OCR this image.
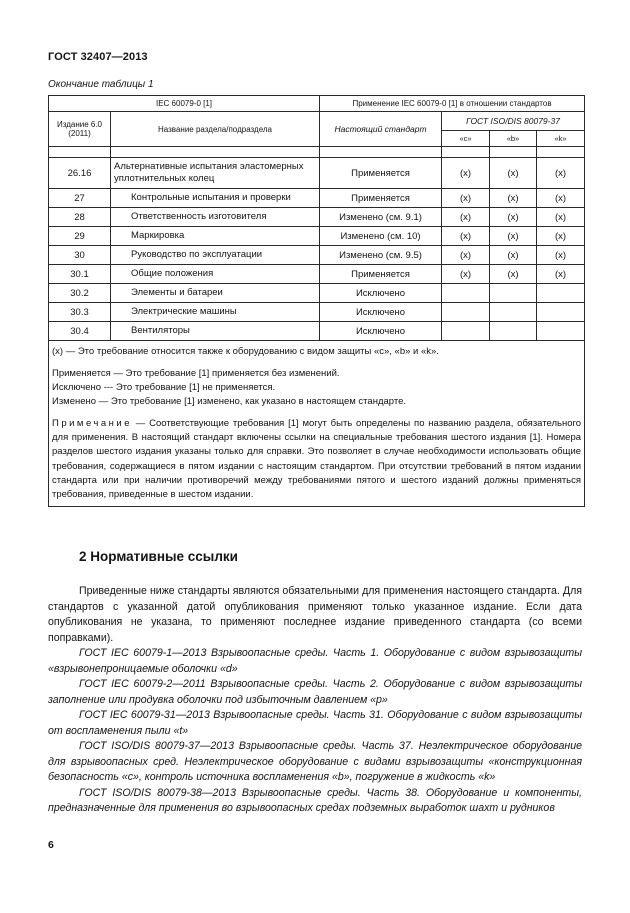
ГОСТ 32407—2013
Окончание таблицы 1
IEC 60079-0 [1]		Применение IEC 60079-0 [1] в отношении стандартов			
Издание 6.0 (2011)	Название раздела/подраздела	Настоящий стандарт	ГОСТ ISO/DIS 80079-37		
			«c»	«b»	«k»

26.16	Альтернативные испытания эластомерных уплотнительных колец	Применяется	(x)	(x)	(x)
27	Контрольные испытания и проверки	Применяется	(x)	(x)	(x)
28	Ответственность изготовителя	Изменено (см. 9.1)	(x)	(x)	(x)
29	Маркировка	Изменено (см. 10)	(x)	(x)	(x)
30	Руководство по эксплуатации	Изменено (см. 9.5)	(x)	(x)	(x)
30.1	Общие положения	Применяется	(x)	(x)	(x)
30.2	Элементы и батареи	Исключено			
30.3	Электрические машины	Исключено			
30.4	Вентиляторы	Исключено			

(x) — Это требование относится также к оборудованию с видом защиты «c», «b» и «k».

Применяется — Это требование [1] применяется без изменений.

Исключено --- Это требование [1] не применяется.

Изменено — Это требование [1] изменено, как указано в настоящем стандарте.

Примечание — Соответствующие требования [1] могут быть определены по названию раздела, обязательного для применения. В настоящий стандарт включены ссылки на специальные требования шестого издания [1]. Номера разделов шестого издания указаны только для справки. Это позволяет в случае необходимости использовать общие требования, содержащиеся в пятом издании с настоящим стандартом. При отсутствии требований в пятом издании стандарта или при наличии противоречий между требованиями пятого и шестого изданий должны применяться требования, приведенные в шестом издании.					

2 Нормативные ссылки

Приведенные ниже стандарты являются обязательными для применения настоящего стандарта. Для стандартов с указанной датой опубликования применяют только указанное издание. Если дата опубликования не указана, то применяют последнее издание приведенного стандарта (со всеми поправками).

ГОСТ IEC 60079-1—2013 Взрывоопасные среды. Часть 1. Оборудование с видом взрывозащиты «взрывонепроницаемые оболочки «d»

ГОСТ IEC 60079-2—2011 Взрывоопасные среды. Часть 2. Оборудование с видом взрывозащиты заполнение или продувка оболочки под избыточным давлением «p»

ГОСТ IEC 60079-31—2013 Взрывоопасные среды. Часть 31. Оборудование с видом взрывозащиты от воспламенения пыли «t»

ГОСТ ISO/DIS 80079-37—2013 Взрывоопасные среды. Часть 37. Неэлектрическое оборудование для взрывоопасных сред. Неэлектрическое оборудование с видами взрывозащиты «конструкционная безопасность «c», контроль источника воспламенения «b», погружение в жидкость «k»

ГОСТ ISO/DIS 80079-38—2013 Взрывоопасные среды. Часть 38. Оборудование и компоненты, предназначенные для применения во взрывоопасных средах подземных выработок шахт и рудников

6
